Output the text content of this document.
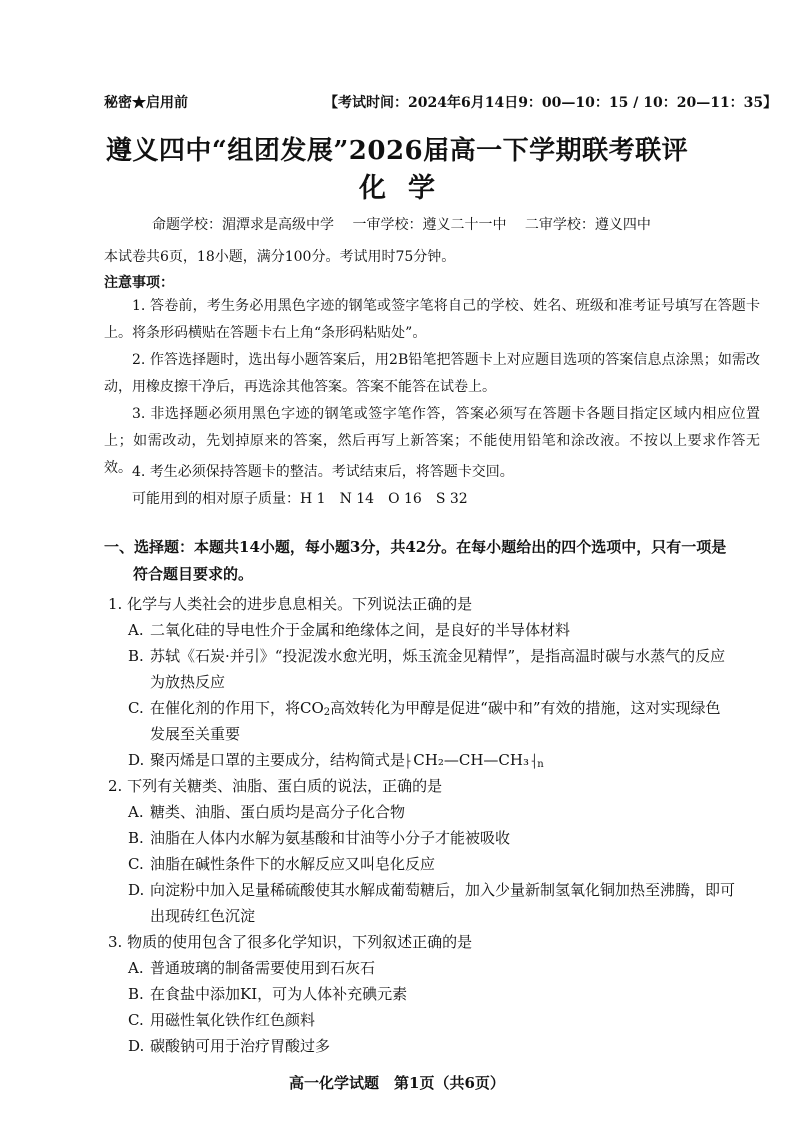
秘密★启用前	【考试时间：2024年6月14日9：00—10：15 / 10：20—11：35】
遵义四中“组团发展”2026届高一下学期联考联评
化学
命题学校：湄潭求是高级中学 一审学校：遵义二十一中 二审学校：遵义四中
本试卷共6页，18小题，满分100分。考试用时75分钟。
注意事项：
1. 答卷前，考生务必用黑色字迹的钢笔或签字笔将自己的学校、姓名、班级和准考证号填写在答题卡上。将条形码横贴在答题卡右上角“条形码粘贴处”。
2. 作答选择题时，选出每小题答案后，用2B铅笔把答题卡上对应题目选项的答案信息点涂黑；如需改动，用橡皮擦干净后，再选涂其他答案。答案不能答在试卷上。
3. 非选择题必须用黑色字迹的钢笔或签字笔作答，答案必须写在答题卡各题目指定区域内相应位置上；如需改动，先划掉原来的答案，然后再写上新答案；不能使用铅笔和涂改液。不按以上要求作答无效。 4. 考生必须保持答题卡的整洁。考试结束后，将答题卡交回。
可能用到的相对原子质量：H 1　N 14　O 16　S 32
一、选择题：本题共14小题，每小题3分，共42分。在每小题给出的四个选项中，只有一项是
符合题目要求的。
1. 化学与人类社会的进步息息相关。下列说法正确的是
A. 二氧化硅的导电性介于金属和绝缘体之间，是良好的半导体材料
B. 苏轼《石炭·并引》“投泥泼水愈光明，烁玉流金见精悍”，是指高温时碳与水蒸气的反应
为放热反应
C. 在催化剂的作用下，将$CO_2$高效转化为甲醇是促进“碳中和”有效的措施，这对实现绿色
发展至关重要
D. 聚丙烯是口罩的主要成分，结构简式是$⸠CH_2—CH—CH_3⸡_n$
2. 下列有关糖类、油脂、蛋白质的说法，正确的是
A. 糖类、油脂、蛋白质均是高分子化合物
B. 油脂在人体内水解为氨基酸和甘油等小分子才能被吸收
C. 油脂在碱性条件下的水解反应又叫皂化反应
D. 向淀粉中加入足量稀硫酸使其水解成葡萄糖后，加入少量新制氢氧化铜加热至沸腾，即可
出现砖红色沉淀
3. 物质的使用包含了很多化学知识，下列叙述正确的是
A. 普通玻璃的制备需要使用到石灰石
B. 在食盐中添加KI，可为人体补充碘元素
C. 用磁性氧化铁作红色颜料
D. 碳酸钠可用于治疗胃酸过多
高一化学试题　第1页（共6页）
